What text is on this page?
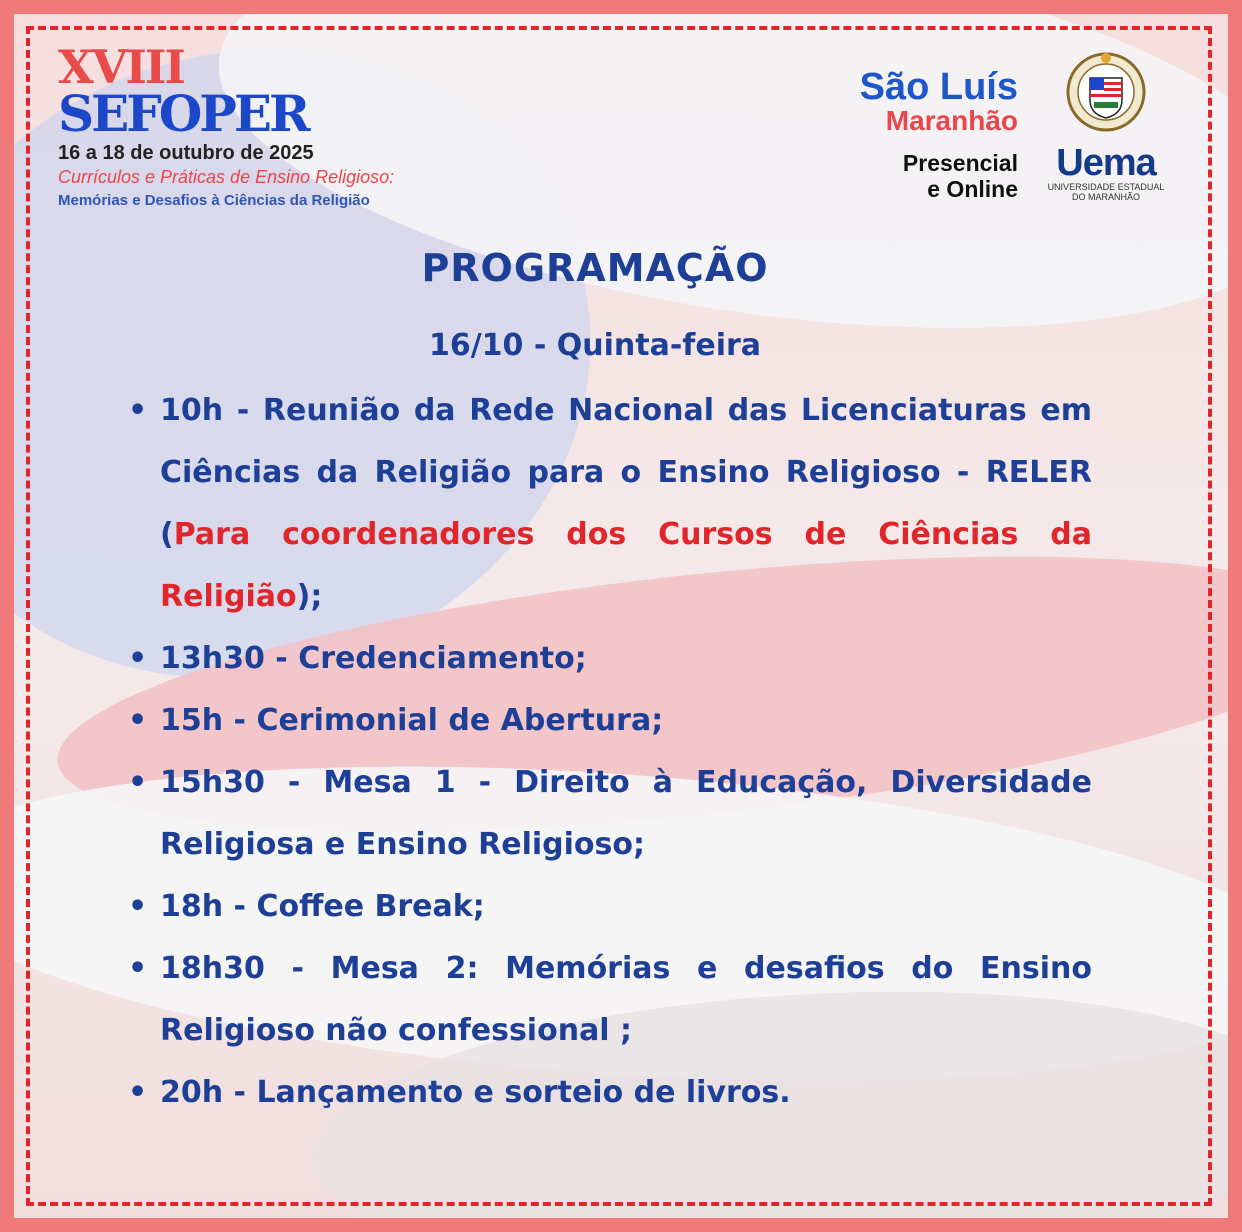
XVIII
SEFOPER
16 a 18 de outubro de 2025
Currículos e Práticas de Ensino Religioso:
Memórias e Desafios à Ciências da Religião
São Luís
Maranhão
Presencial
e Online
Uema
UNIVERSIDADE ESTADUAL
DO MARANHÃO
PROGRAMAÇÃO
16/10 - Quinta-feira
• 10h - Reunião da Rede Nacional das Licenciaturas em Ciências da Religião para o Ensino Religioso - RELER (Para coordenadores dos Cursos de Ciências da Religião);
• 13h30 - Credenciamento;
• 15h - Cerimonial de Abertura;
• 15h30 - Mesa 1 - Direito à Educação, Diversidade Religiosa e Ensino Religioso;
• 18h - Coffee Break;
• 18h30 - Mesa 2: Memórias e desafios do Ensino Religioso não confessional ;
• 20h - Lançamento e sorteio de livros.
